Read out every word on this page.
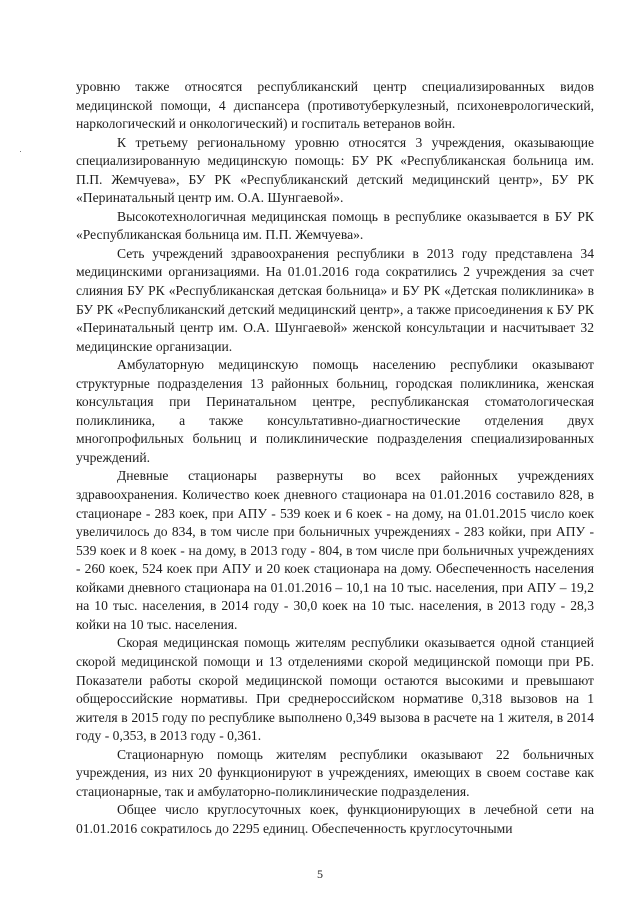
уровню также относятся республиканский центр специализированных видов медицинской помощи, 4 диспансера (противотуберкулезный, психоневрологический, наркологический и онкологический) и госпиталь ветеранов войн.

К третьему региональному уровню относятся 3 учреждения, оказывающие специализированную медицинскую помощь: БУ РК «Республиканская больница им. П.П. Жемчуева», БУ РК «Республиканский детский медицинский центр», БУ РК «Перинатальный центр им. О.А. Шунгаевой».

Высокотехнологичная медицинская помощь в республике оказывается в БУ РК «Республиканская больница им. П.П. Жемчуева».

Сеть учреждений здравоохранения республики в 2013 году представлена 34 медицинскими организациями. На 01.01.2016 года сократились 2 учреждения за счет слияния БУ РК «Республиканская детская больница» и БУ РК «Детская поликлиника» в БУ РК «Республиканский детский медицинский центр», а также присоединения к БУ РК «Перинатальный центр им. О.А. Шунгаевой» женской консультации и насчитывает 32 медицинские организации.

Амбулаторную медицинскую помощь населению республики оказывают структурные подразделения 13 районных больниц, городская поликлиника, женская консультация при Перинатальном центре, республиканская стоматологическая поликлиника, а также консультативно-диагностические отделения двух многопрофильных больниц и поликлинические подразделения специализированных учреждений.

Дневные стационары развернуты во всех районных учреждениях здравоохранения. Количество коек дневного стационара на 01.01.2016 составило 828, в стационаре - 283 коек, при АПУ - 539 коек и 6 коек - на дому, на 01.01.2015 число коек увеличилось до 834, в том числе при больничных учреждениях - 283 койки, при АПУ - 539 коек и 8 коек - на дому, в 2013 году - 804, в том числе при больничных учреждениях - 260 коек, 524 коек при АПУ и 20 коек стационара на дому. Обеспеченность населения койками дневного стационара на 01.01.2016 – 10,1 на 10 тыс. населения, при АПУ – 19,2 на 10 тыс. населения, в 2014 году - 30,0 коек на 10 тыс. населения, в 2013 году - 28,3 койки на 10 тыс. населения.

Скорая медицинская помощь жителям республики оказывается одной станцией скорой медицинской помощи и 13 отделениями скорой медицинской помощи при РБ. Показатели работы скорой медицинской помощи остаются высокими и превышают общероссийские нормативы. При среднероссийском нормативе 0,318 вызовов на 1 жителя в 2015 году по республике выполнено 0,349 вызова в расчете на 1 жителя, в 2014 году - 0,353, в 2013 году - 0,361.

Стационарную помощь жителям республики оказывают 22 больничных учреждения, из них 20 функционируют в учреждениях, имеющих в своем составе как стационарные, так и амбулаторно-поликлинические подразделения.

Общее число круглосуточных коек, функционирующих в лечебной сети на 01.01.2016 сократилось до 2295 единиц. Обеспеченность круглосуточными

5
